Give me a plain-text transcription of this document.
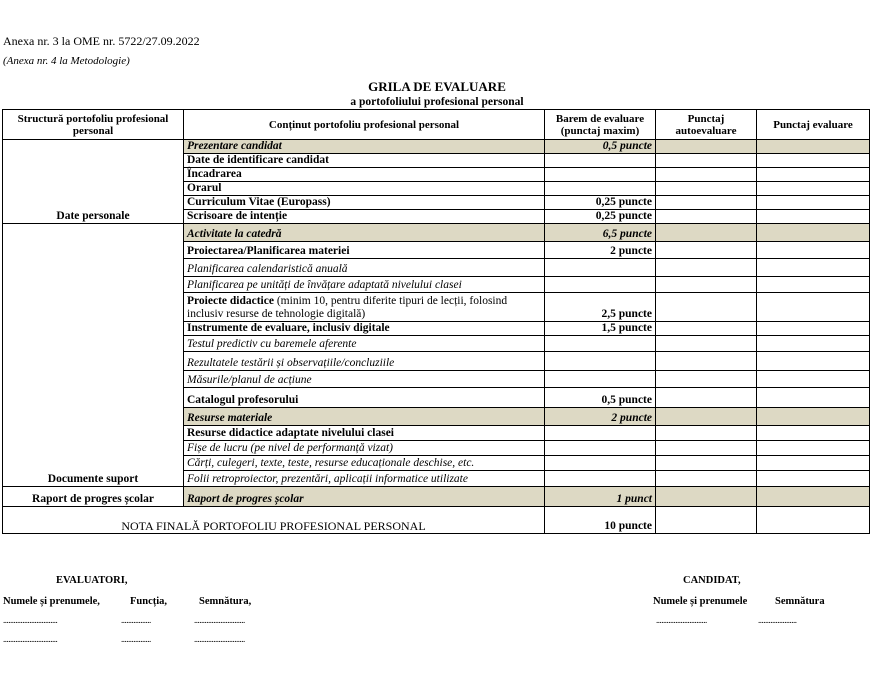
Anexa nr. 3 la OME nr. 5722/27.09.2022
(Anexa nr. 4 la Metodologie)
GRILA DE EVALUARE
a portofoliului profesional personal
Structură portofoliu profesional personal	Conținut portofoliu profesional personal	Barem de evaluare (punctaj maxim)	Punctaj autoevaluare	Punctaj evaluare
Date personale	Prezentare candidat	0,5 puncte		
	Date de identificare candidat			
	Încadrarea			
	Orarul			
	Curriculum Vitae (Europass)	0,25 puncte		
	Scrisoare de intenție	0,25 puncte		
Documente suport	Activitate la catedră	6,5 puncte		
	Proiectarea/Planificarea materiei	2 puncte		
	Planificarea calendaristică anuală			
	Planificarea pe unități de învățare adaptată nivelului clasei			
	Proiecte didactice (minim 10, pentru diferite tipuri de lecții, folosind inclusiv resurse de tehnologie digitală)	2,5 puncte		
	Instrumente de evaluare, inclusiv digitale	1,5 puncte		
	Testul predictiv cu baremele aferente			
	Rezultatele testării și observațiile/concluziile			
	Măsurile/planul de acțiune			
	Catalogul profesorului	0,5 puncte		
	Resurse materiale	2 puncte		
	Resurse didactice adaptate nivelului clasei			
	Fișe de lucru (pe nivel de performanță vizat)			
	Cărți, culegeri, texte, teste, resurse educaționale deschise, etc.			
	Folii retroproiector, prezentări, aplicații informatice utilizate			
Raport de progres școlar	Raport de progres școlar	1 punct		
NOTA FINALĂ PORTOFOLIU PROFESIONAL PERSONAL		10 puncte		
EVALUATORI,
Numele și prenumele,	Funcția,	Semnătura,
...............................	.................	.............................
...............................	.................	.............................
CANDIDAT,
Numele și prenumele	Semnătura
.............................	......................
